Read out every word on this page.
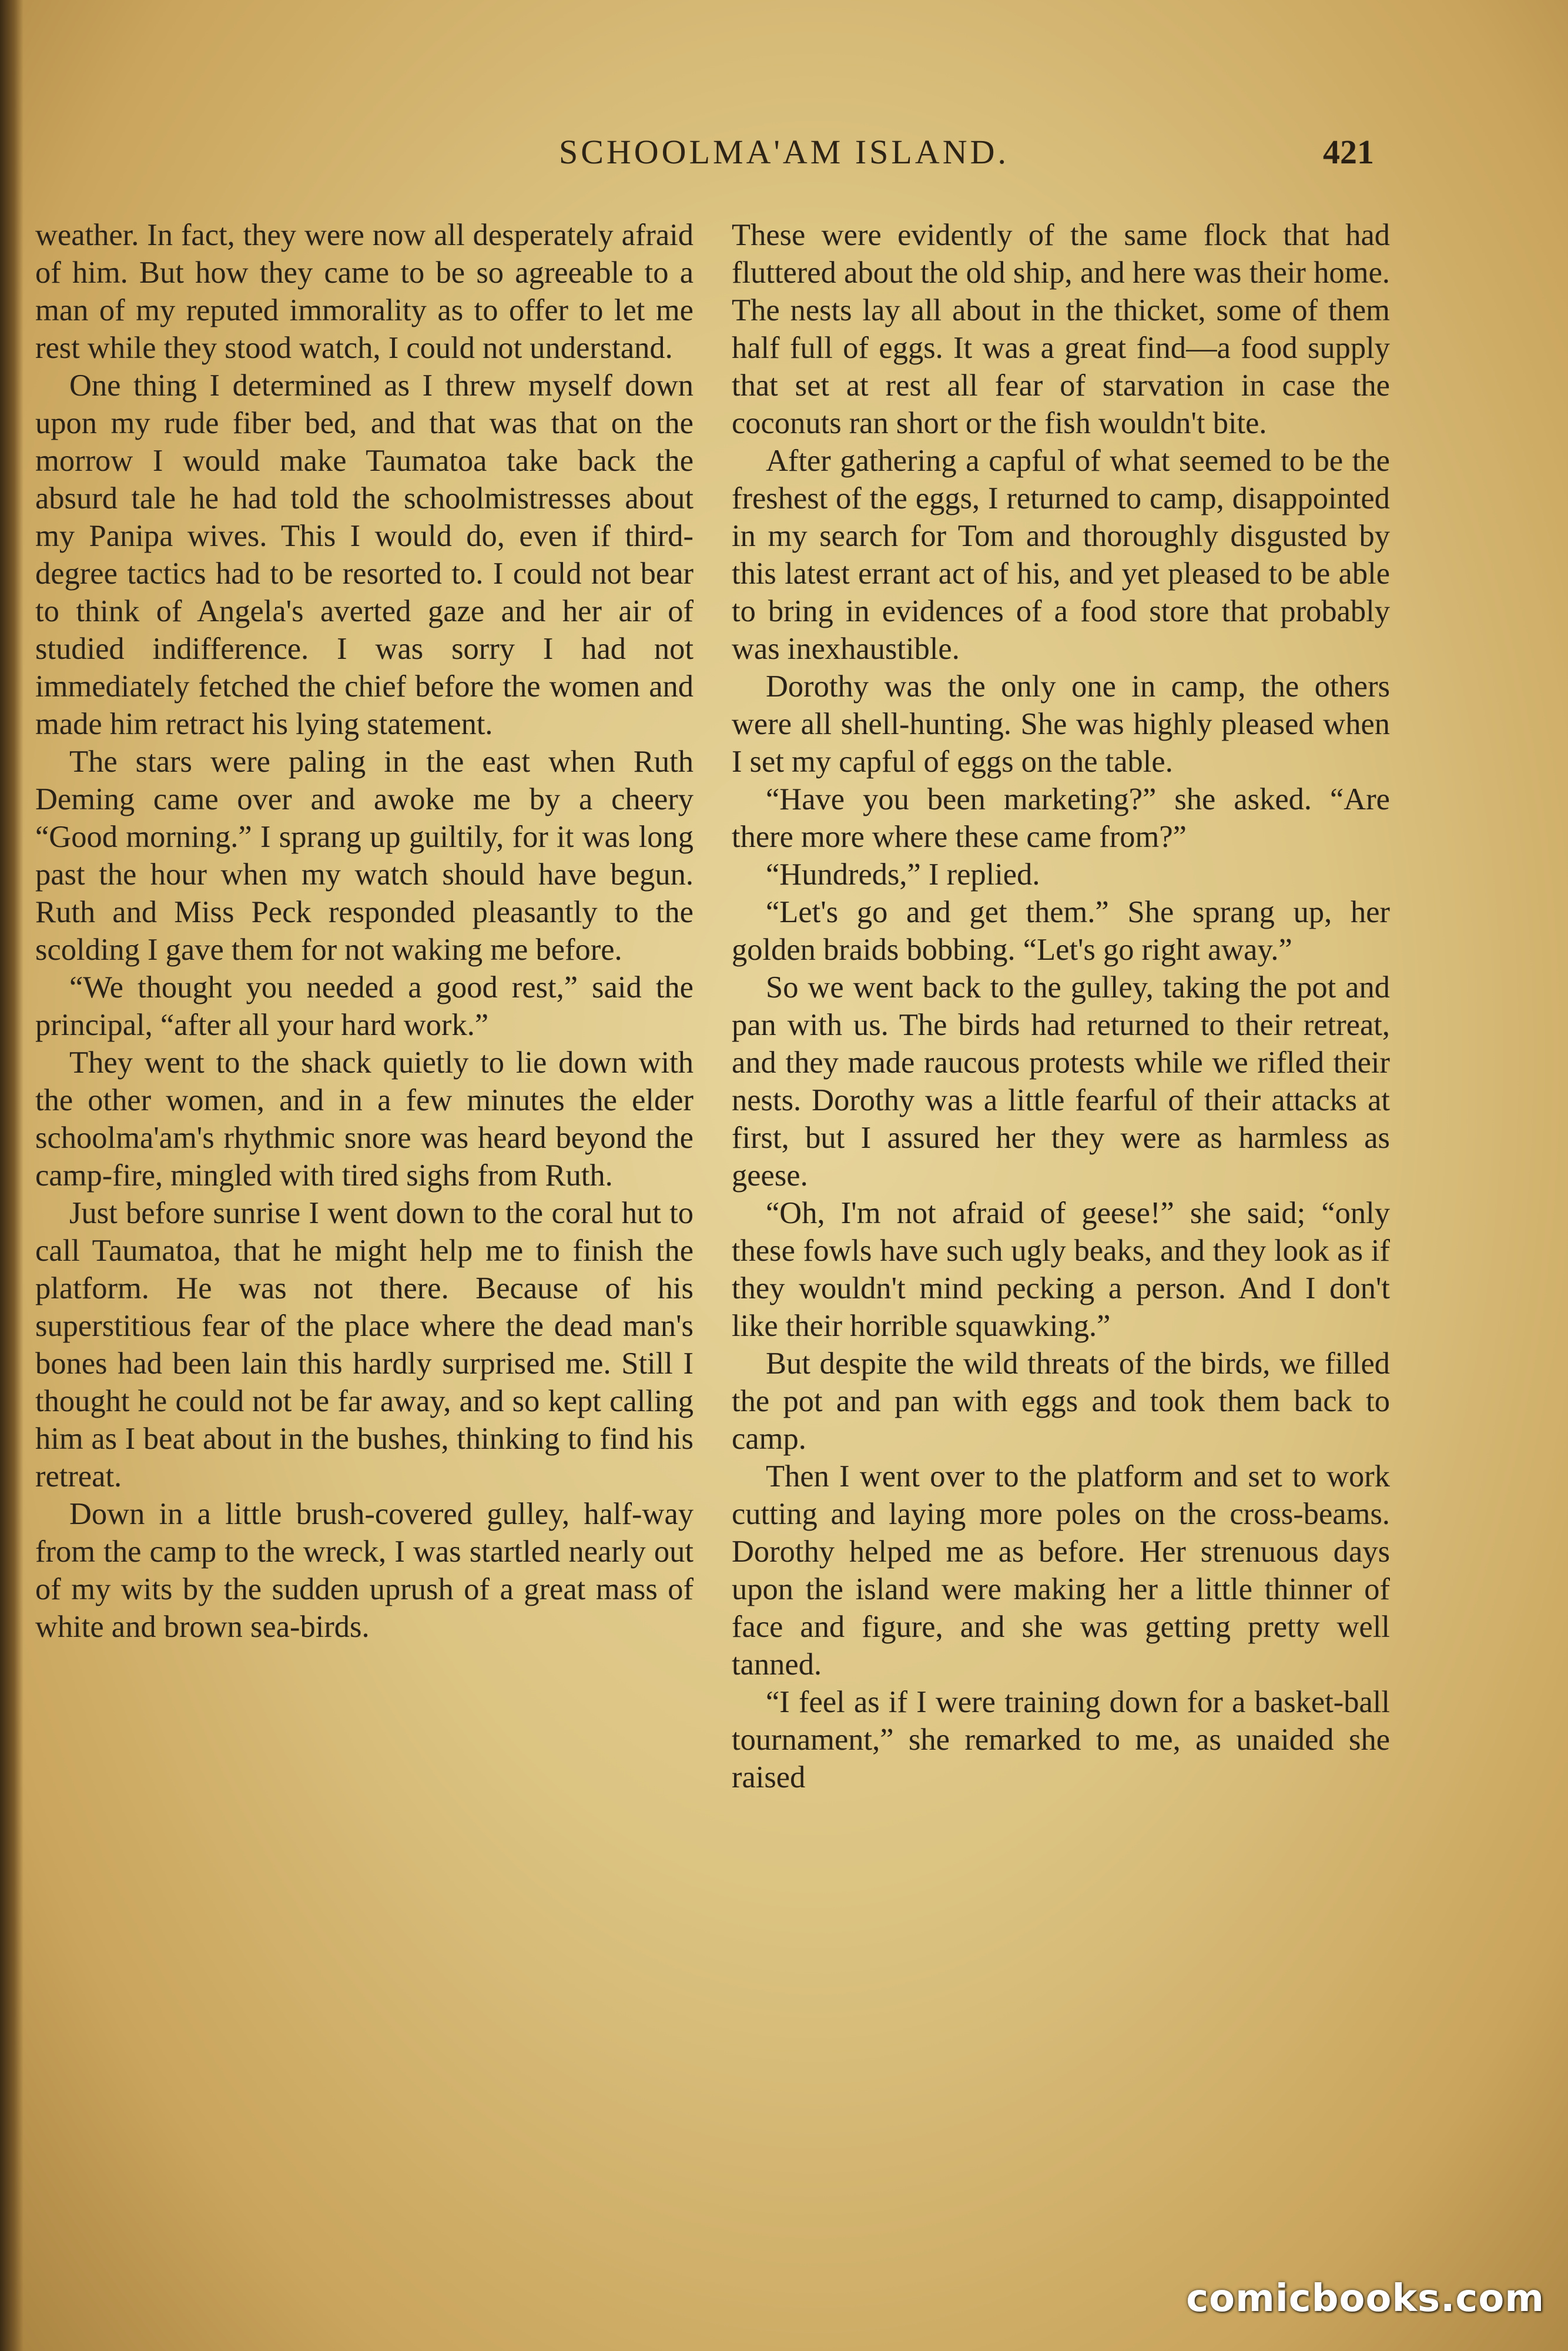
SCHOOLMA'AM ISLAND.	421

weather. In fact, they were now all desperately afraid of him. But how they came to be so agreeable to a man of my reputed immorality as to offer to let me rest while they stood watch, I could not understand.

One thing I determined as I threw myself down upon my rude fiber bed, and that was that on the morrow I would make Taumatoa take back the absurd tale he had told the schoolmistresses about my Panipa wives. This I would do, even if third-degree tactics had to be resorted to. I could not bear to think of Angela's averted gaze and her air of studied indifference. I was sorry I had not immediately fetched the chief before the women and made him retract his lying statement.

The stars were paling in the east when Ruth Deming came over and awoke me by a cheery “Good morning.” I sprang up guiltily, for it was long past the hour when my watch should have begun. Ruth and Miss Peck responded pleasantly to the scolding I gave them for not waking me before.

“We thought you needed a good rest,” said the principal, “after all your hard work.”

They went to the shack quietly to lie down with the other women, and in a few minutes the elder schoolma'am's rhythmic snore was heard beyond the camp-fire, mingled with tired sighs from Ruth.

Just before sunrise I went down to the coral hut to call Taumatoa, that he might help me to finish the platform. He was not there. Because of his superstitious fear of the place where the dead man's bones had been lain this hardly surprised me. Still I thought he could not be far away, and so kept calling him as I beat about in the bushes, thinking to find his retreat.

Down in a little brush-covered gulley, half-way from the camp to the wreck, I was startled nearly out of my wits by the sudden uprush of a great mass of white and brown sea-birds.

These were evidently of the same flock that had fluttered about the old ship, and here was their home. The nests lay all about in the thicket, some of them half full of eggs. It was a great find—a food supply that set at rest all fear of starvation in case the coconuts ran short or the fish wouldn't bite.

After gathering a capful of what seemed to be the freshest of the eggs, I returned to camp, disappointed in my search for Tom and thoroughly disgusted by this latest errant act of his, and yet pleased to be able to bring in evidences of a food store that probably was inexhaustible.

Dorothy was the only one in camp, the others were all shell-hunting. She was highly pleased when I set my capful of eggs on the table.

“Have you been marketing?” she asked. “Are there more where these came from?”

“Hundreds,” I replied.

“Let's go and get them.” She sprang up, her golden braids bobbing. “Let's go right away.”

So we went back to the gulley, taking the pot and pan with us. The birds had returned to their retreat, and they made raucous protests while we rifled their nests. Dorothy was a little fearful of their attacks at first, but I assured her they were as harmless as geese.

“Oh, I'm not afraid of geese!” she said; “only these fowls have such ugly beaks, and they look as if they wouldn't mind pecking a person. And I don't like their horrible squawking.”

But despite the wild threats of the birds, we filled the pot and pan with eggs and took them back to camp.

Then I went over to the platform and set to work cutting and laying more poles on the cross-beams. Dorothy helped me as before. Her strenuous days upon the island were making her a little thinner of face and figure, and she was getting pretty well tanned.

“I feel as if I were training down for a basket-ball tournament,” she remarked to me, as unaided she raised

comicbooks.com
